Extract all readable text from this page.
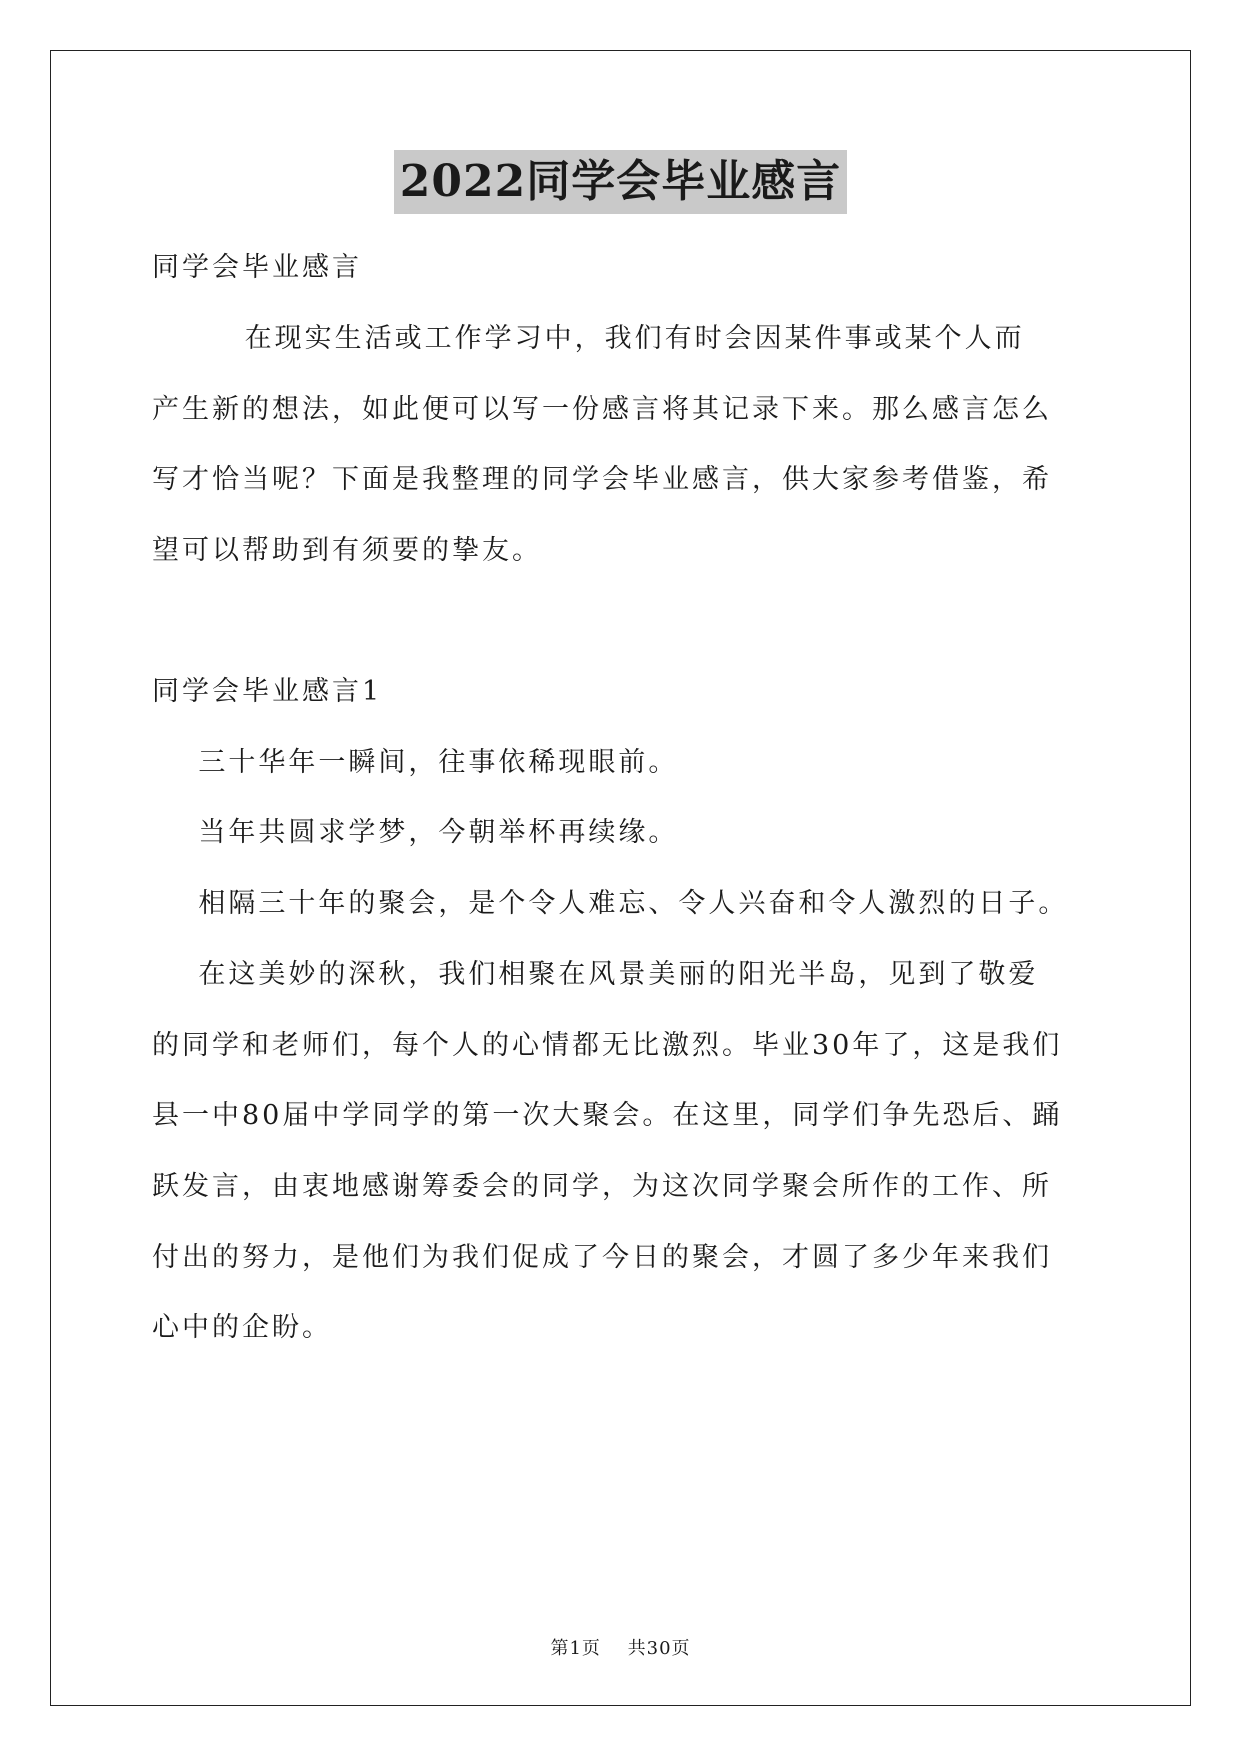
2022同学会毕业感言
同学会毕业感言
在现实生活或工作学习中，我们有时会因某件事或某个人而
产生新的想法，如此便可以写一份感言将其记录下来。那么感言怎么
写才恰当呢？下面是我整理的同学会毕业感言，供大家参考借鉴，希
望可以帮助到有须要的挚友。
同学会毕业感言1
三十华年一瞬间，往事依稀现眼前。
当年共圆求学梦，今朝举杯再续缘。
相隔三十年的聚会，是个令人难忘、令人兴奋和令人激烈的日子。
在这美妙的深秋，我们相聚在风景美丽的阳光半岛，见到了敬爱
的同学和老师们，每个人的心情都无比激烈。毕业30年了，这是我们
县一中80届中学同学的第一次大聚会。在这里，同学们争先恐后、踊
跃发言，由衷地感谢筹委会的同学，为这次同学聚会所作的工作、所
付出的努力，是他们为我们促成了今日的聚会，才圆了多少年来我们
心中的企盼。
第1页 共30页
